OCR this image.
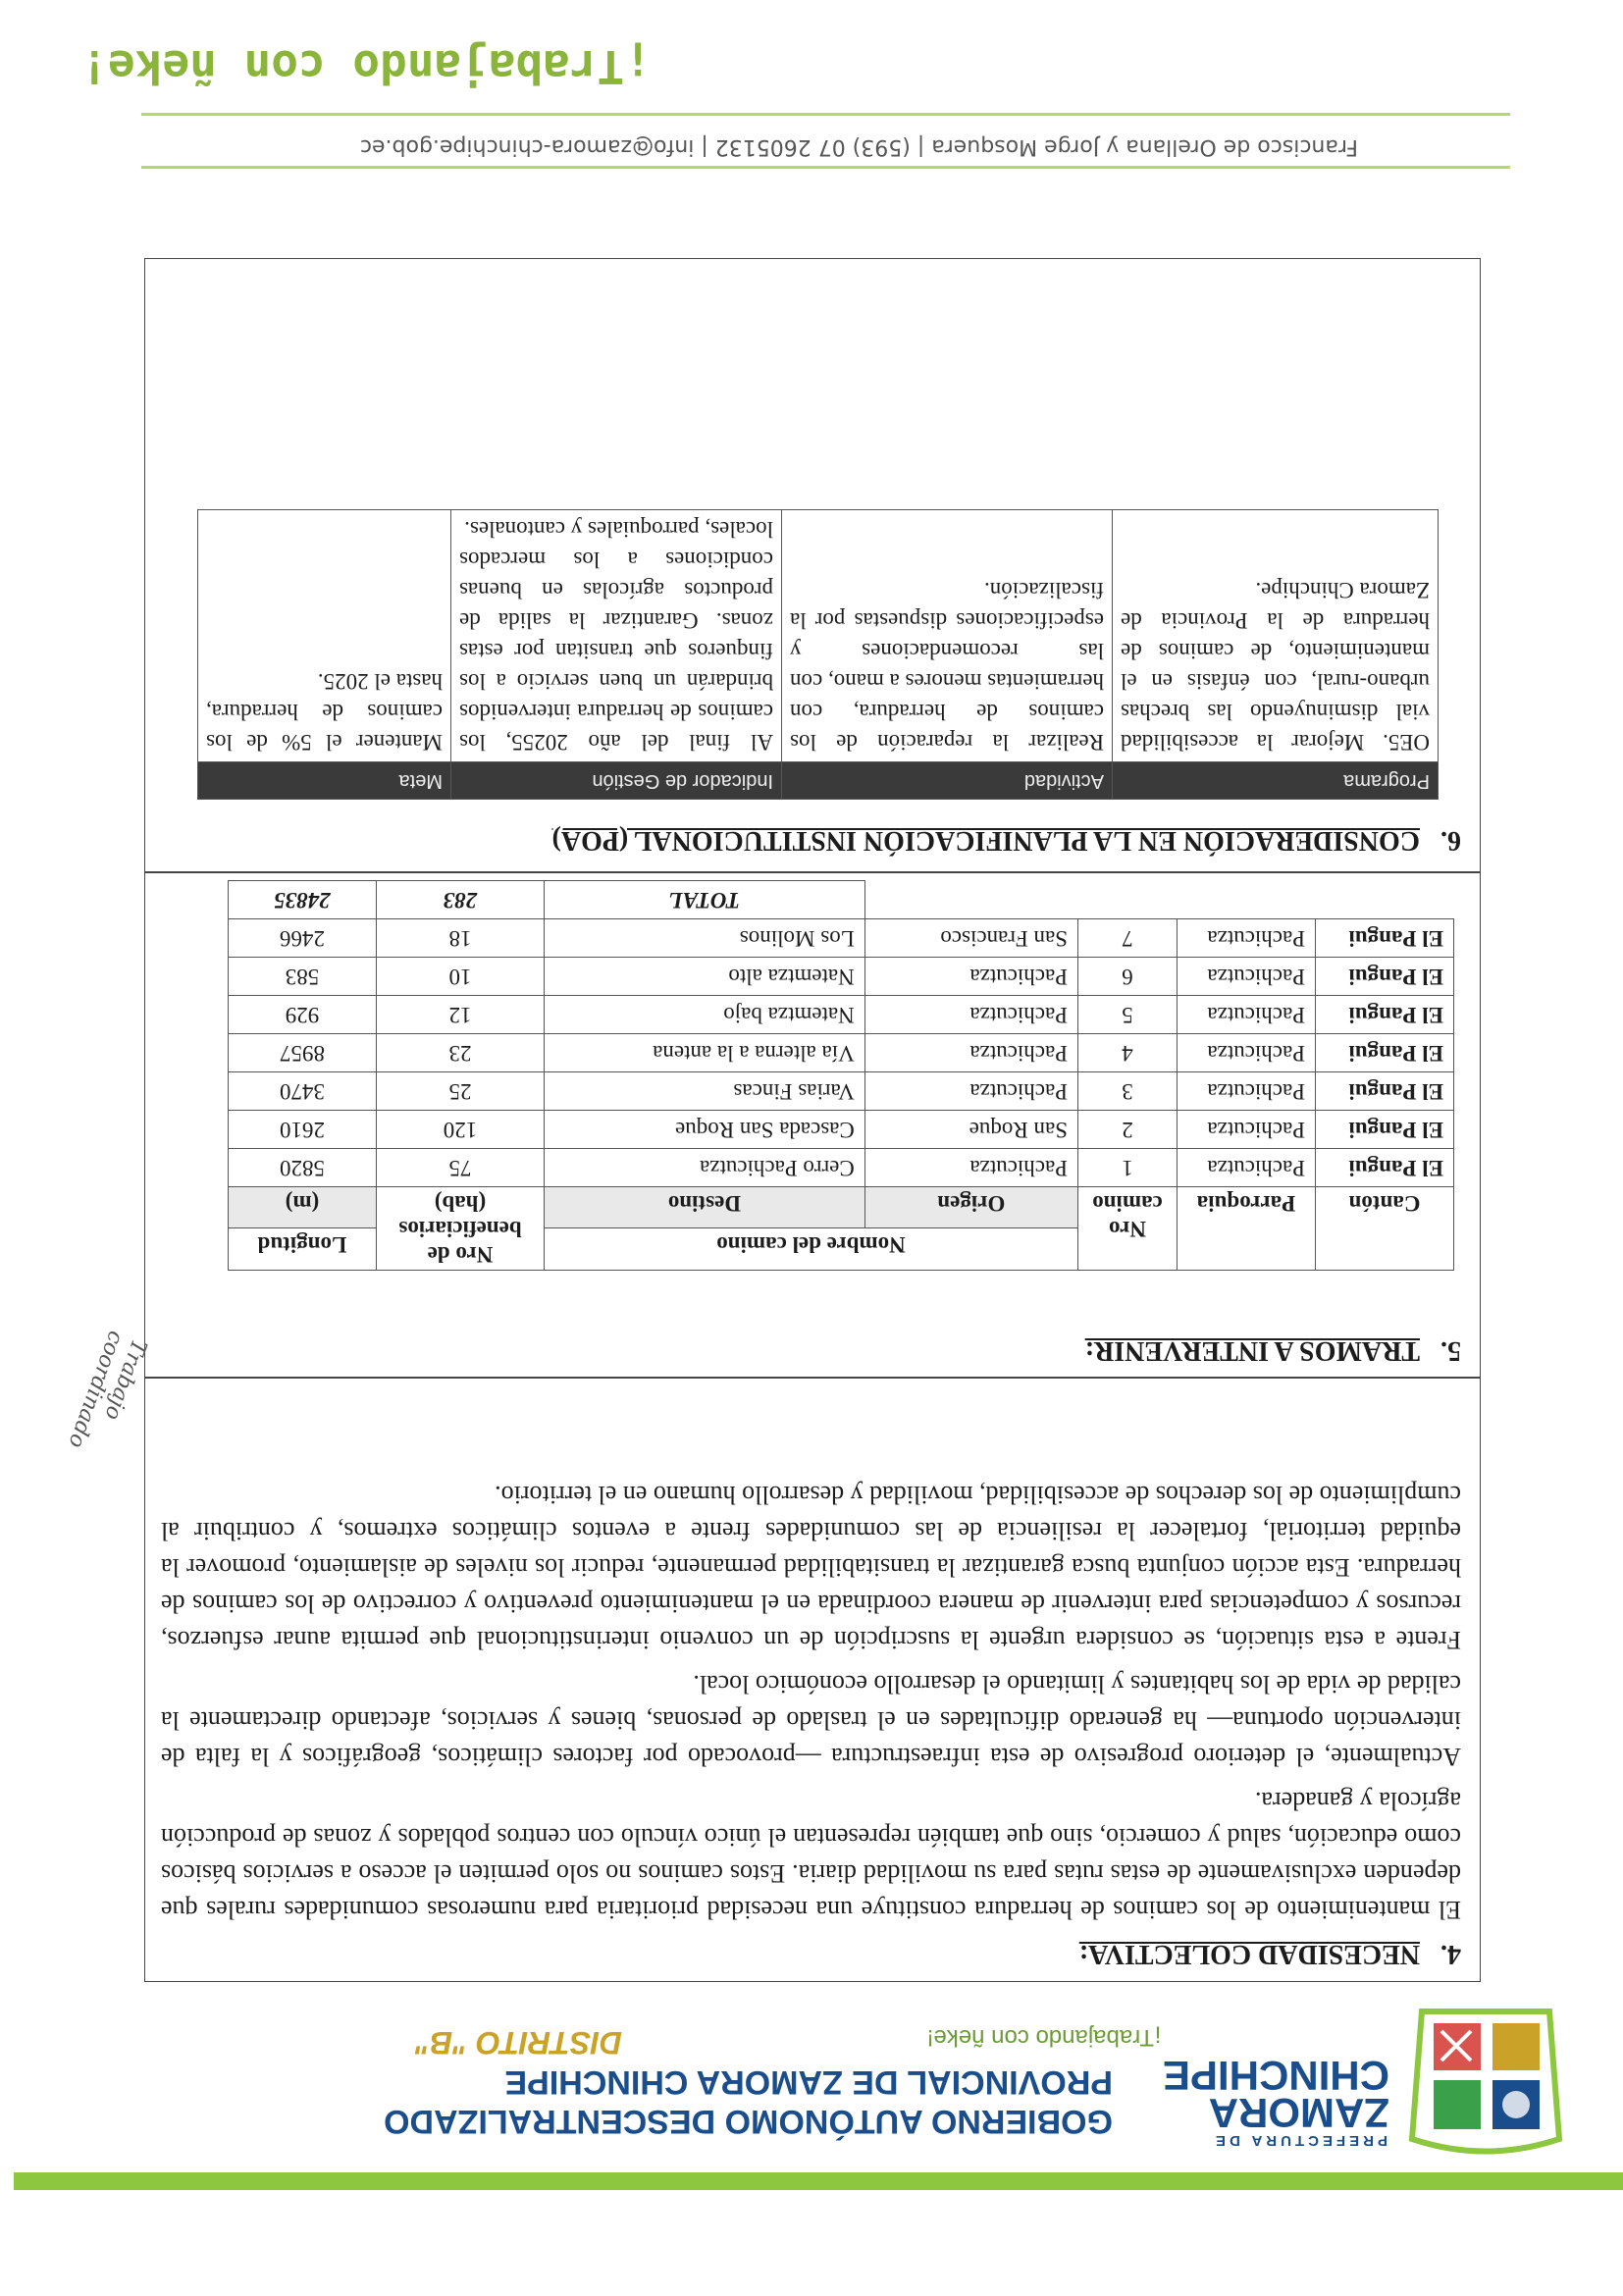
PREFECTURA DE
ZAMORA
CHINCHIPE
¡Trabajando con ñeke!
GOBIERNO AUTÓNOMO DESCENTRALIZADO
PROVINCIAL DE ZAMORA CHINCHIPE
DISTRITO "B"
4.   NECESIDAD COLECTIVA:

El mantenimiento de los caminos de herradura constituye una necesidad prioritaria para numerosas comunidades rurales que dependen exclusivamente de estas rutas para su movilidad diaria. Estos caminos no solo permiten el acceso a servicios básicos como educación, salud y comercio, sino que también representan el único vínculo con centros poblados y zonas de producción agrícola y ganadera.

Actualmente, el deterioro progresivo de esta infraestructura —provocado por factores climáticos, geográficos y la falta de intervención oportuna— ha generado dificultades en el traslado de personas, bienes y servicios, afectando directamente la calidad de vida de los habitantes y limitando el desarrollo económico local.

Frente a esta situación, se considera urgente la suscripción de un convenio interinstitucional que permita aunar esfuerzos, recursos y competencias para intervenir de manera coordinada en el mantenimiento preventivo y correctivo de los caminos de herradura. Esta acción conjunta busca garantizar la transitabilidad permanente, reducir los niveles de aislamiento, promover la equidad territorial, fortalecer la resiliencia de las comunidades frente a eventos climáticos extremos, y contribuir al cumplimiento de los derechos de accesibilidad, movilidad y desarrollo humano en el territorio.

5.   TRAMOS A INTERVENIR:
Cantón	Parroquia	Nro camino	Nombre del camino		Nro de beneficiarios (hab)	Longitud
			Origen	Destino		(m)
El Pangui	Pachicutza	1	Pachicutza	Cerro Pachicutza	75	5820
El Pangui	Pachicutza	2	San Roque	Cascada San Roque	120	2610
El Pangui	Pachicutza	3	Pachicutza	Varias Fincas	25	3470
El Pangui	Pachicutza	4	Pachicutza	Vía alterna a la antena	23	8957
El Pangui	Pachicutza	5	Pachicutza	Natemtza bajo	12	929
El Pangui	Pachicutza	6	Pachicutza	Natemtza alto	10	583
El Pangui	Pachicutza	7	San Francisco	Los Molinos	18	2466
				TOTAL	283	24835
6.   CONSIDERACIÓN EN LA PLANIFICACIÓN INSTITUCIONAL (POA)
Programa	Actividad	Indicador de Gestión	Meta
OE5. Mejorar la accesibilidad vial disminuyendo las brechas urbano-rural, con énfasis en el mantenimiento, de caminos de herradura de la Provincia de Zamora Chinchipe.	Realizar la reparación de los caminos de herradura, con herramientas menores a mano, con las recomendaciones y especificaciones dispuestas por la fiscalización.	Al final del año 20255, los caminos de herradura intervenidos brindarán un buen servicio a los finqueros que transitan por estas zonas. Garantizar la salida de productos agrícolas en buenas condiciones a los mercados locales, parroquiales y cantonales.	Mantener el 5% de los caminos de herradura, hasta el 2025.
Trabajo coordinado
Francisco de Orellana y Jorge Mosquera | (593) 07 2605132 | info@zamora-chinchipe.gob.ec
¡Trabajando con ñeke!
